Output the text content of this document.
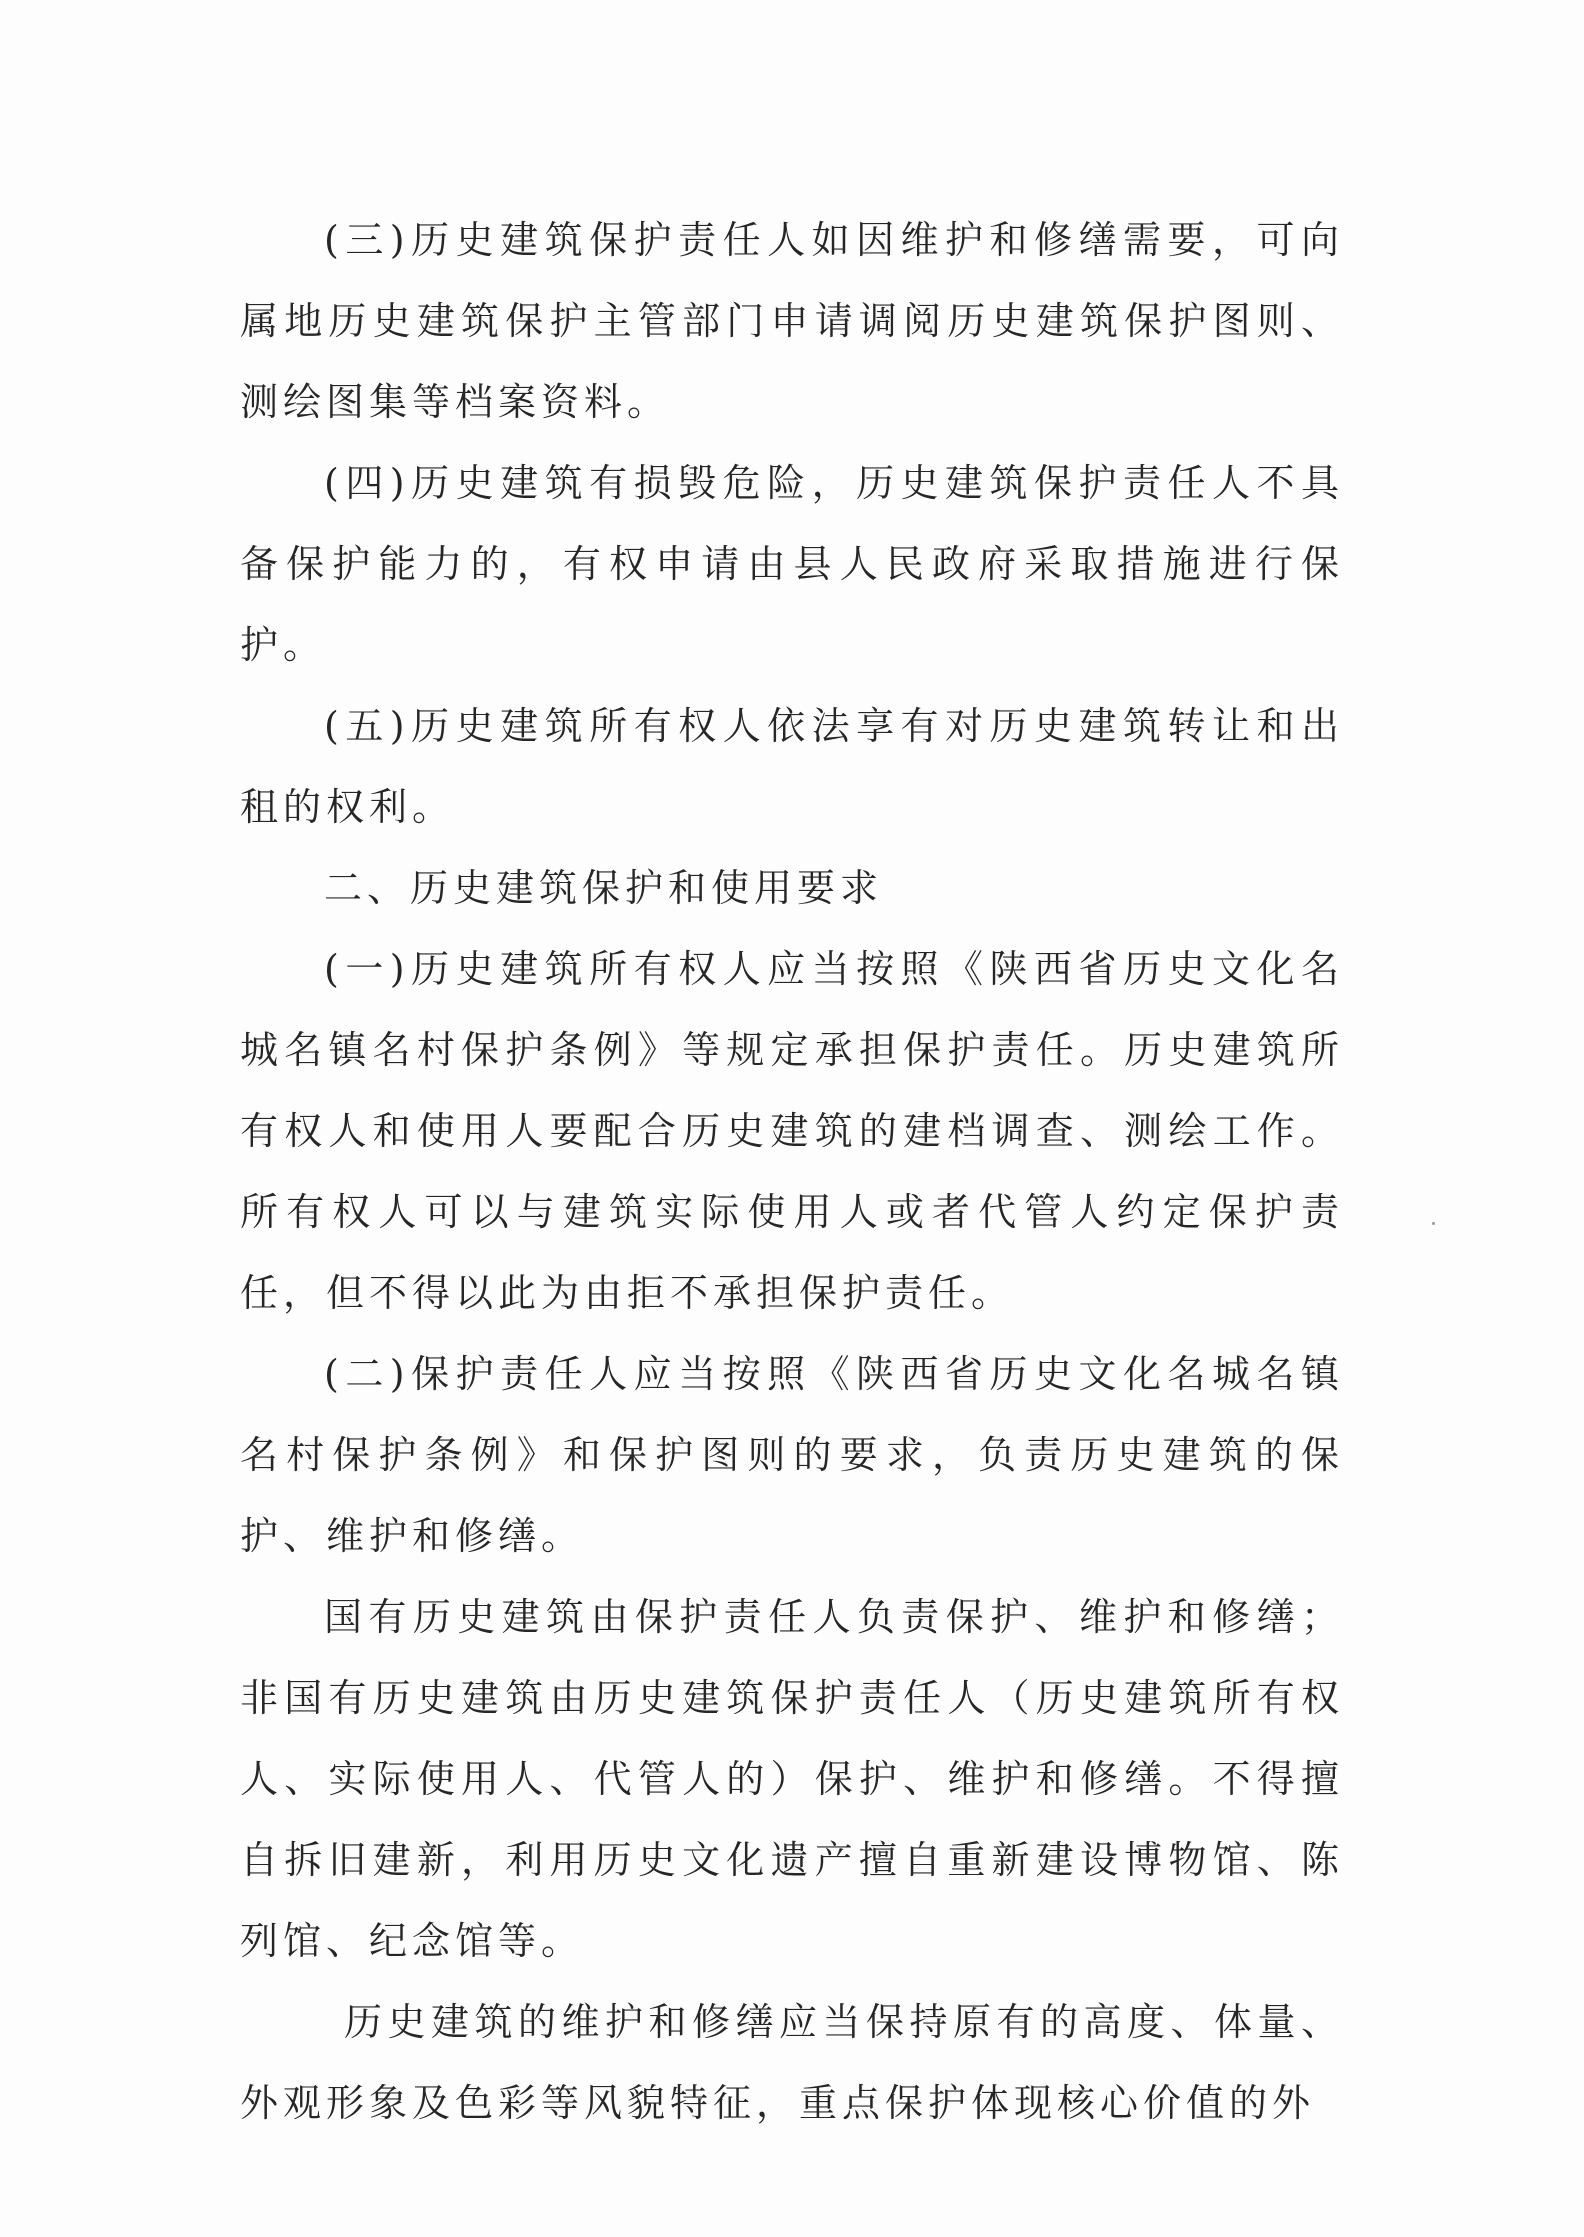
(三)历史建筑保护责任人如因维护和修缮需要，可向属地历史建筑保护主管部门申请调阅历史建筑保护图则、测绘图集等档案资料。

(四)历史建筑有损毁危险，历史建筑保护责任人不具备保护能力的，有权申请由县人民政府采取措施进行保护。

(五)历史建筑所有权人依法享有对历史建筑转让和出租的权利。

二、历史建筑保护和使用要求

(一)历史建筑所有权人应当按照《陕西省历史文化名城名镇名村保护条例》等规定承担保护责任。历史建筑所有权人和使用人要配合历史建筑的建档调查、测绘工作。所有权人可以与建筑实际使用人或者代管人约定保护责任，但不得以此为由拒不承担保护责任。

(二)保护责任人应当按照《陕西省历史文化名城名镇名村保护条例》和保护图则的要求，负责历史建筑的保护、维护和修缮。

国有历史建筑由保护责任人负责保护、维护和修缮；非国有历史建筑由历史建筑保护责任人（历史建筑所有权人、实际使用人、代管人的）保护、维护和修缮。不得擅自拆旧建新，利用历史文化遗产擅自重新建设博物馆、陈列馆、纪念馆等。

历史建筑的维护和修缮应当保持原有的高度、体量、外观形象及色彩等风貌特征，重点保护体现核心价值的外
